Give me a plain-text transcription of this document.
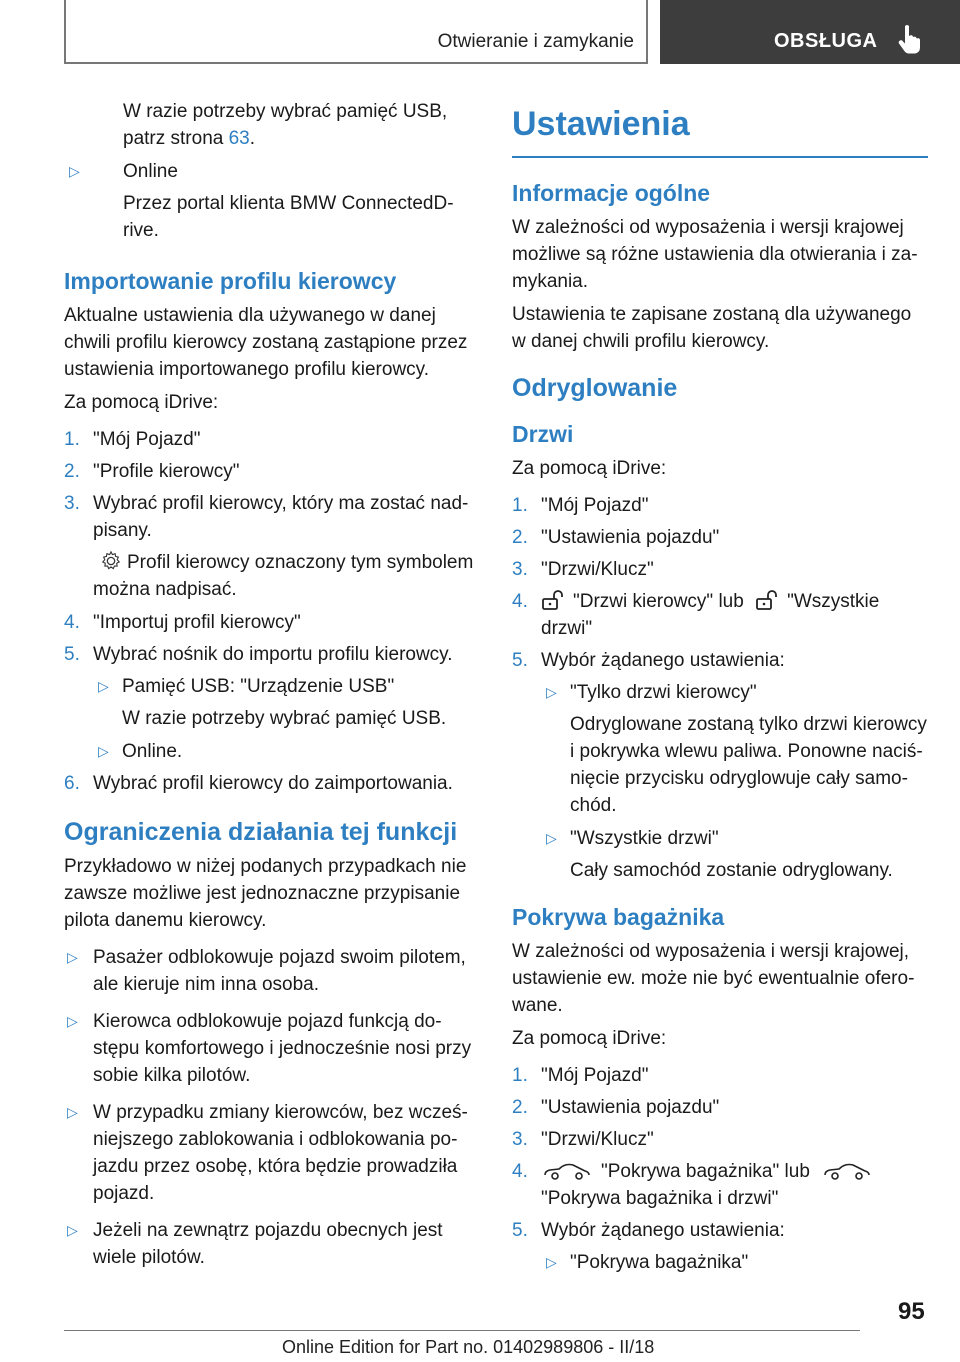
Otwieranie i zamykanie	OBSŁUGA
W razie potrzeby wybrać pamięć USB,
patrz strona 63.
▷ Online
Przez portal klienta BMW ConnectedD-
rive.
Importowanie profilu kierowcy

Aktualne ustawienia dla używanego w danej
chwili profilu kierowcy zostaną zastąpione przez
ustawienia importowanego profilu kierowcy.

Za pomocą iDrive:

1. "Mój Pojazd"
2. "Profile kierowcy"
3. Wybrać profil kierowcy, który ma zostać nad-
pisany.
Profil kierowcy oznaczony tym symbolem
można nadpisać.
4. "Importuj profil kierowcy"
5. Wybrać nośnik do importu profilu kierowcy.
▷ Pamięć USB: "Urządzenie USB"
W razie potrzeby wybrać pamięć USB.
▷ Online.
6. Wybrać profil kierowcy do zaimportowania.
Ograniczenia działania tej funkcji

Przykładowo w niżej podanych przypadkach nie
zawsze możliwe jest jednoznaczne przypisanie
pilota danemu kierowcy.

▷ Pasażer odblokowuje pojazd swoim pilotem,
ale kieruje nim inna osoba.
▷ Kierowca odblokowuje pojazd funkcją do-
stępu komfortowego i jednocześnie nosi przy
sobie kilka pilotów.
▷ W przypadku zmiany kierowców, bez wcześ-
niejszego zablokowania i odblokowania po-
jazdu przez osobę, która będzie prowadziła
pojazd.
▷ Jeżeli na zewnątrz pojazdu obecnych jest
wiele pilotów.
Ustawienia
Informacje ogólne

W zależności od wyposażenia i wersji krajowej
możliwe są różne ustawienia dla otwierania i za-
mykania.

Ustawienia te zapisane zostaną dla używanego
w danej chwili profilu kierowcy.

Odryglowanie
Drzwi

Za pomocą iDrive:

1. "Mój Pojazd"
2. "Ustawienia pojazdu"
3. "Drzwi/Klucz"
4. "Drzwi kierowcy" lub "Wszystkie
drzwi"
5. Wybór żądanego ustawienia:
▷ "Tylko drzwi kierowcy"
Odryglowane zostaną tylko drzwi kierowcy
i pokrywka wlewu paliwa. Ponowne naciś-
nięcie przycisku odryglowuje cały samo-
chód.
▷ "Wszystkie drzwi"
Cały samochód zostanie odryglowany.
Pokrywa bagażnika

W zależności od wyposażenia i wersji krajowej,
ustawienie ew. może nie być ewentualnie ofero-
wane.

Za pomocą iDrive:

1. "Mój Pojazd"
2. "Ustawienia pojazdu"
3. "Drzwi/Klucz"
4.	"Pokrywa bagażnika" lub
"Pokrywa bagażnika i drzwi"
5. Wybór żądanego ustawienia:
▷ "Pokrywa bagażnika"
95
Online Edition for Part no. 01402989806 - II/18
